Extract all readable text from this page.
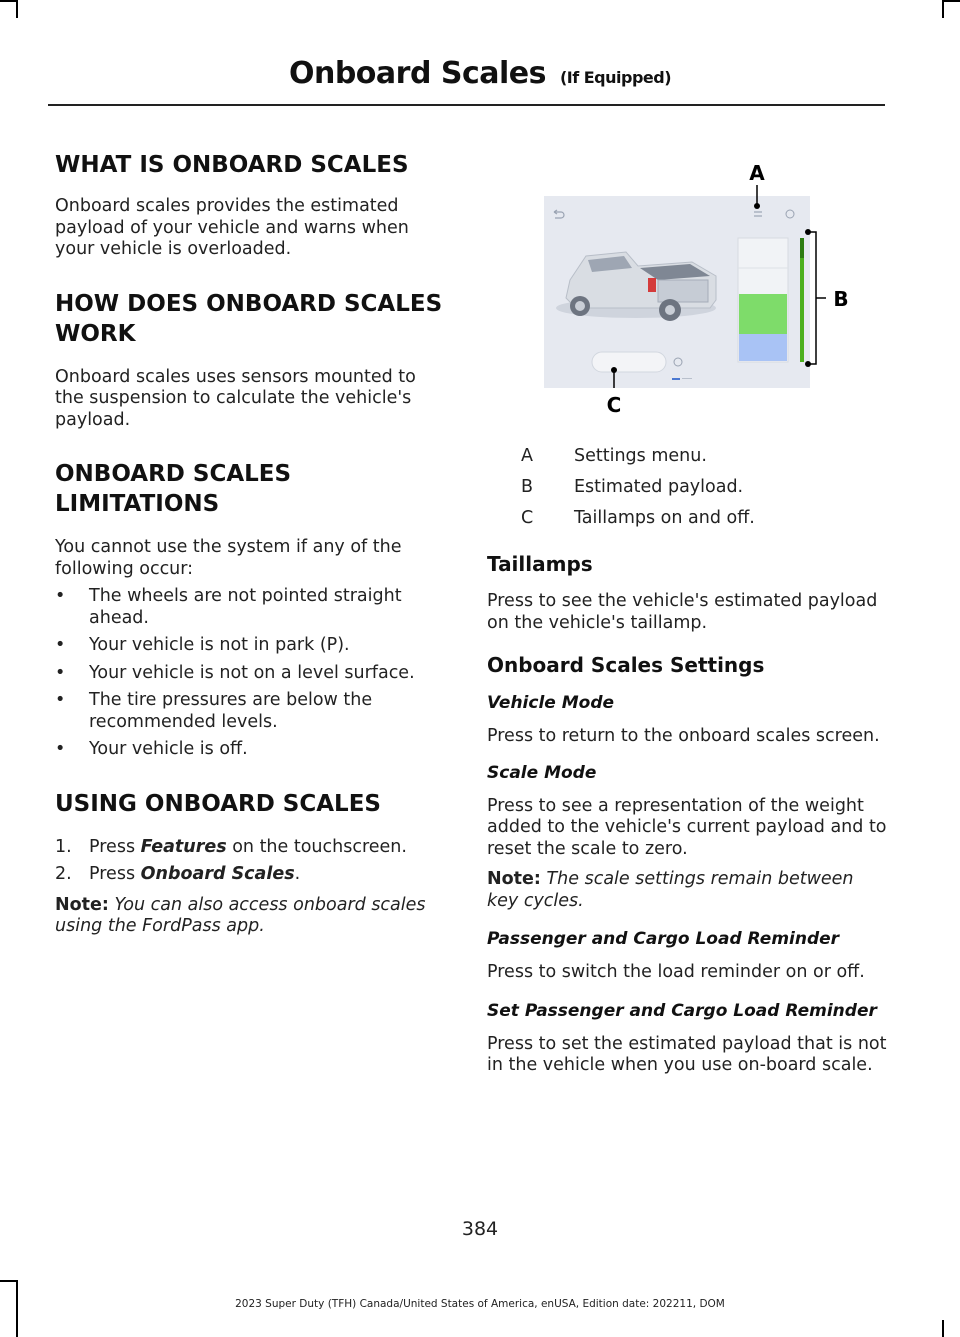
Onboard Scales (If Equipped)
WHAT IS ONBOARD SCALES

Onboard scales provides the estimated payload of your vehicle and warns when your vehicle is overloaded.

HOW DOES ONBOARD SCALES
WORK

Onboard scales uses sensors mounted to the suspension to calculate the vehicle's payload.

ONBOARD SCALES
LIMITATIONS

You cannot use the system if any of the following occur:

• The wheels are not pointed straight ahead.
• Your vehicle is not in park (P).
• Your vehicle is not on a level surface.
• The tire pressures are below the recommended levels.
• Your vehicle is off.
USING ONBOARD SCALES
1. Press Features on the touchscreen.
2. Press Onboard Scales.

Note: You can also access onboard scales using the FordPass app.

A
B
C
A Settings menu.
B Estimated payload.
C Taillamps on and off.
Taillamps

Press to see the vehicle's estimated payload on the vehicle's taillamp.

Onboard Scales Settings
Vehicle Mode

Press to return to the onboard scales screen.

Scale Mode

Press to see a representation of the weight added to the vehicle's current payload and to reset the scale to zero.

Note: The scale settings remain between key cycles.

Passenger and Cargo Load Reminder

Press to switch the load reminder on or off.

Set Passenger and Cargo Load Reminder

Press to set the estimated payload that is not in the vehicle when you use on-board scale.

384
2023 Super Duty (TFH) Canada/United States of America, enUSA, Edition date: 202211, DOM
